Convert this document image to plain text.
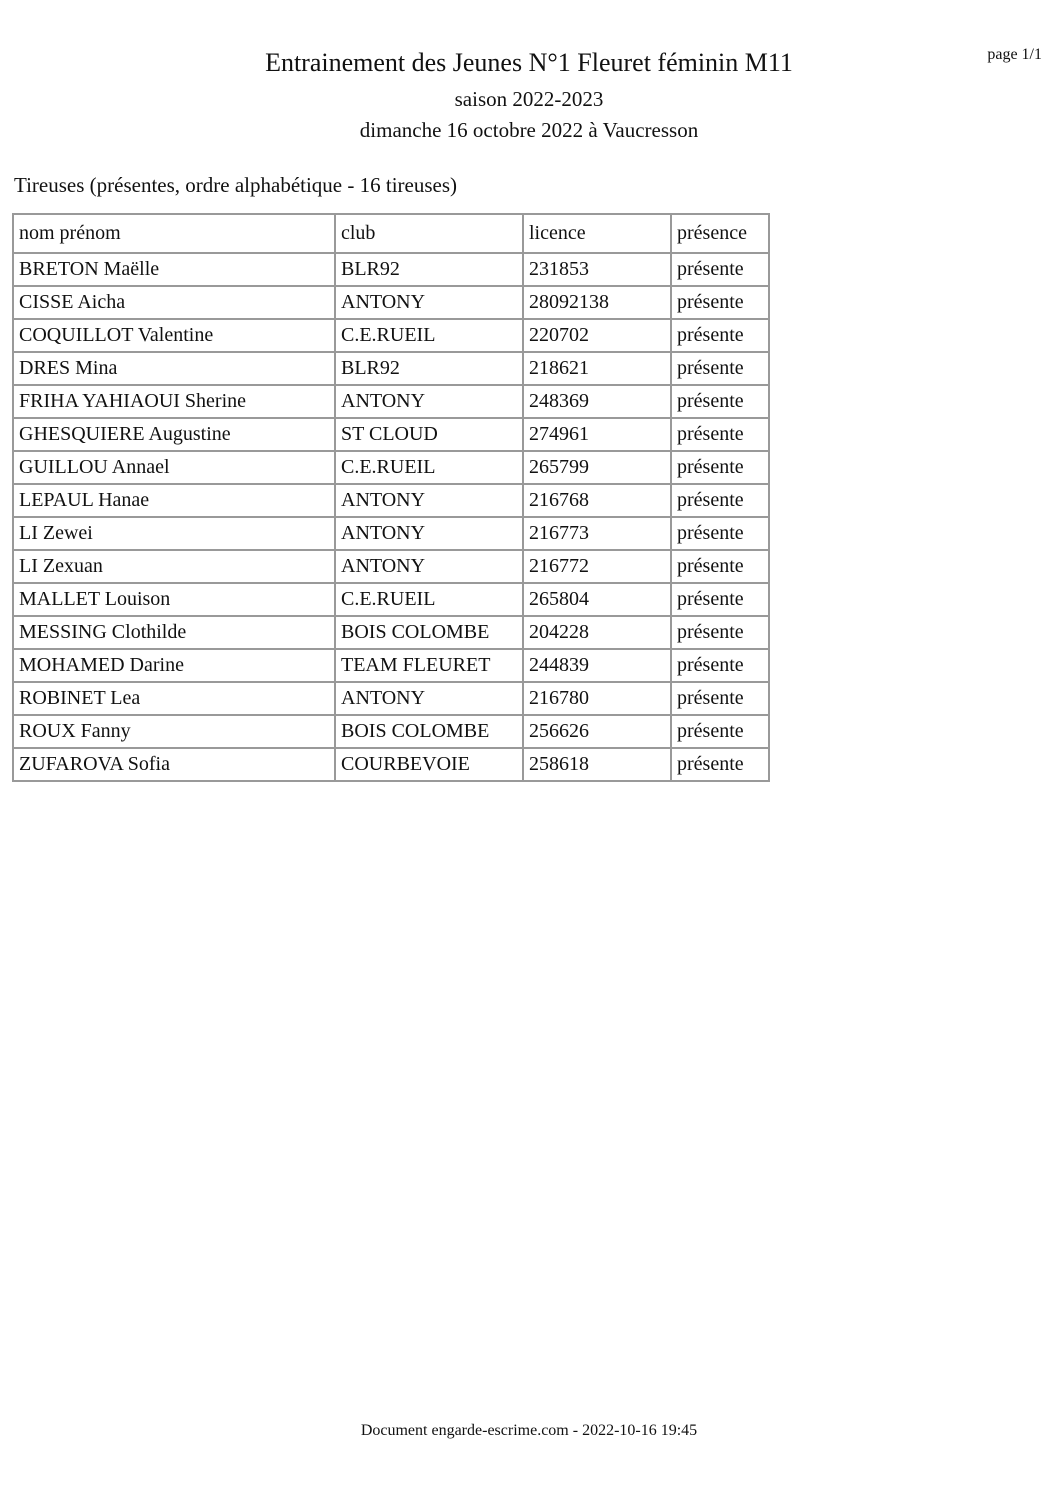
page 1/1
Entrainement des Jeunes N°1 Fleuret féminin M11
saison 2022-2023
dimanche 16 octobre 2022 à Vaucresson
Tireuses (présentes, ordre alphabétique - 16 tireuses)
nom prénom	club	licence	présence
BRETON Maëlle	BLR92	231853	présente
CISSE Aicha	ANTONY	28092138	présente
COQUILLOT Valentine	C.E.RUEIL	220702	présente
DRES Mina	BLR92	218621	présente
FRIHA YAHIAOUI Sherine	ANTONY	248369	présente
GHESQUIERE Augustine	ST CLOUD	274961	présente
GUILLOU Annael	C.E.RUEIL	265799	présente
LEPAUL Hanae	ANTONY	216768	présente
LI Zewei	ANTONY	216773	présente
LI Zexuan	ANTONY	216772	présente
MALLET Louison	C.E.RUEIL	265804	présente
MESSING Clothilde	BOIS COLOMBE	204228	présente
MOHAMED Darine	TEAM FLEURET	244839	présente
ROBINET Lea	ANTONY	216780	présente
ROUX Fanny	BOIS COLOMBE	256626	présente
ZUFAROVA Sofia	COURBEVOIE	258618	présente
Document engarde-escrime.com - 2022-10-16 19:45
